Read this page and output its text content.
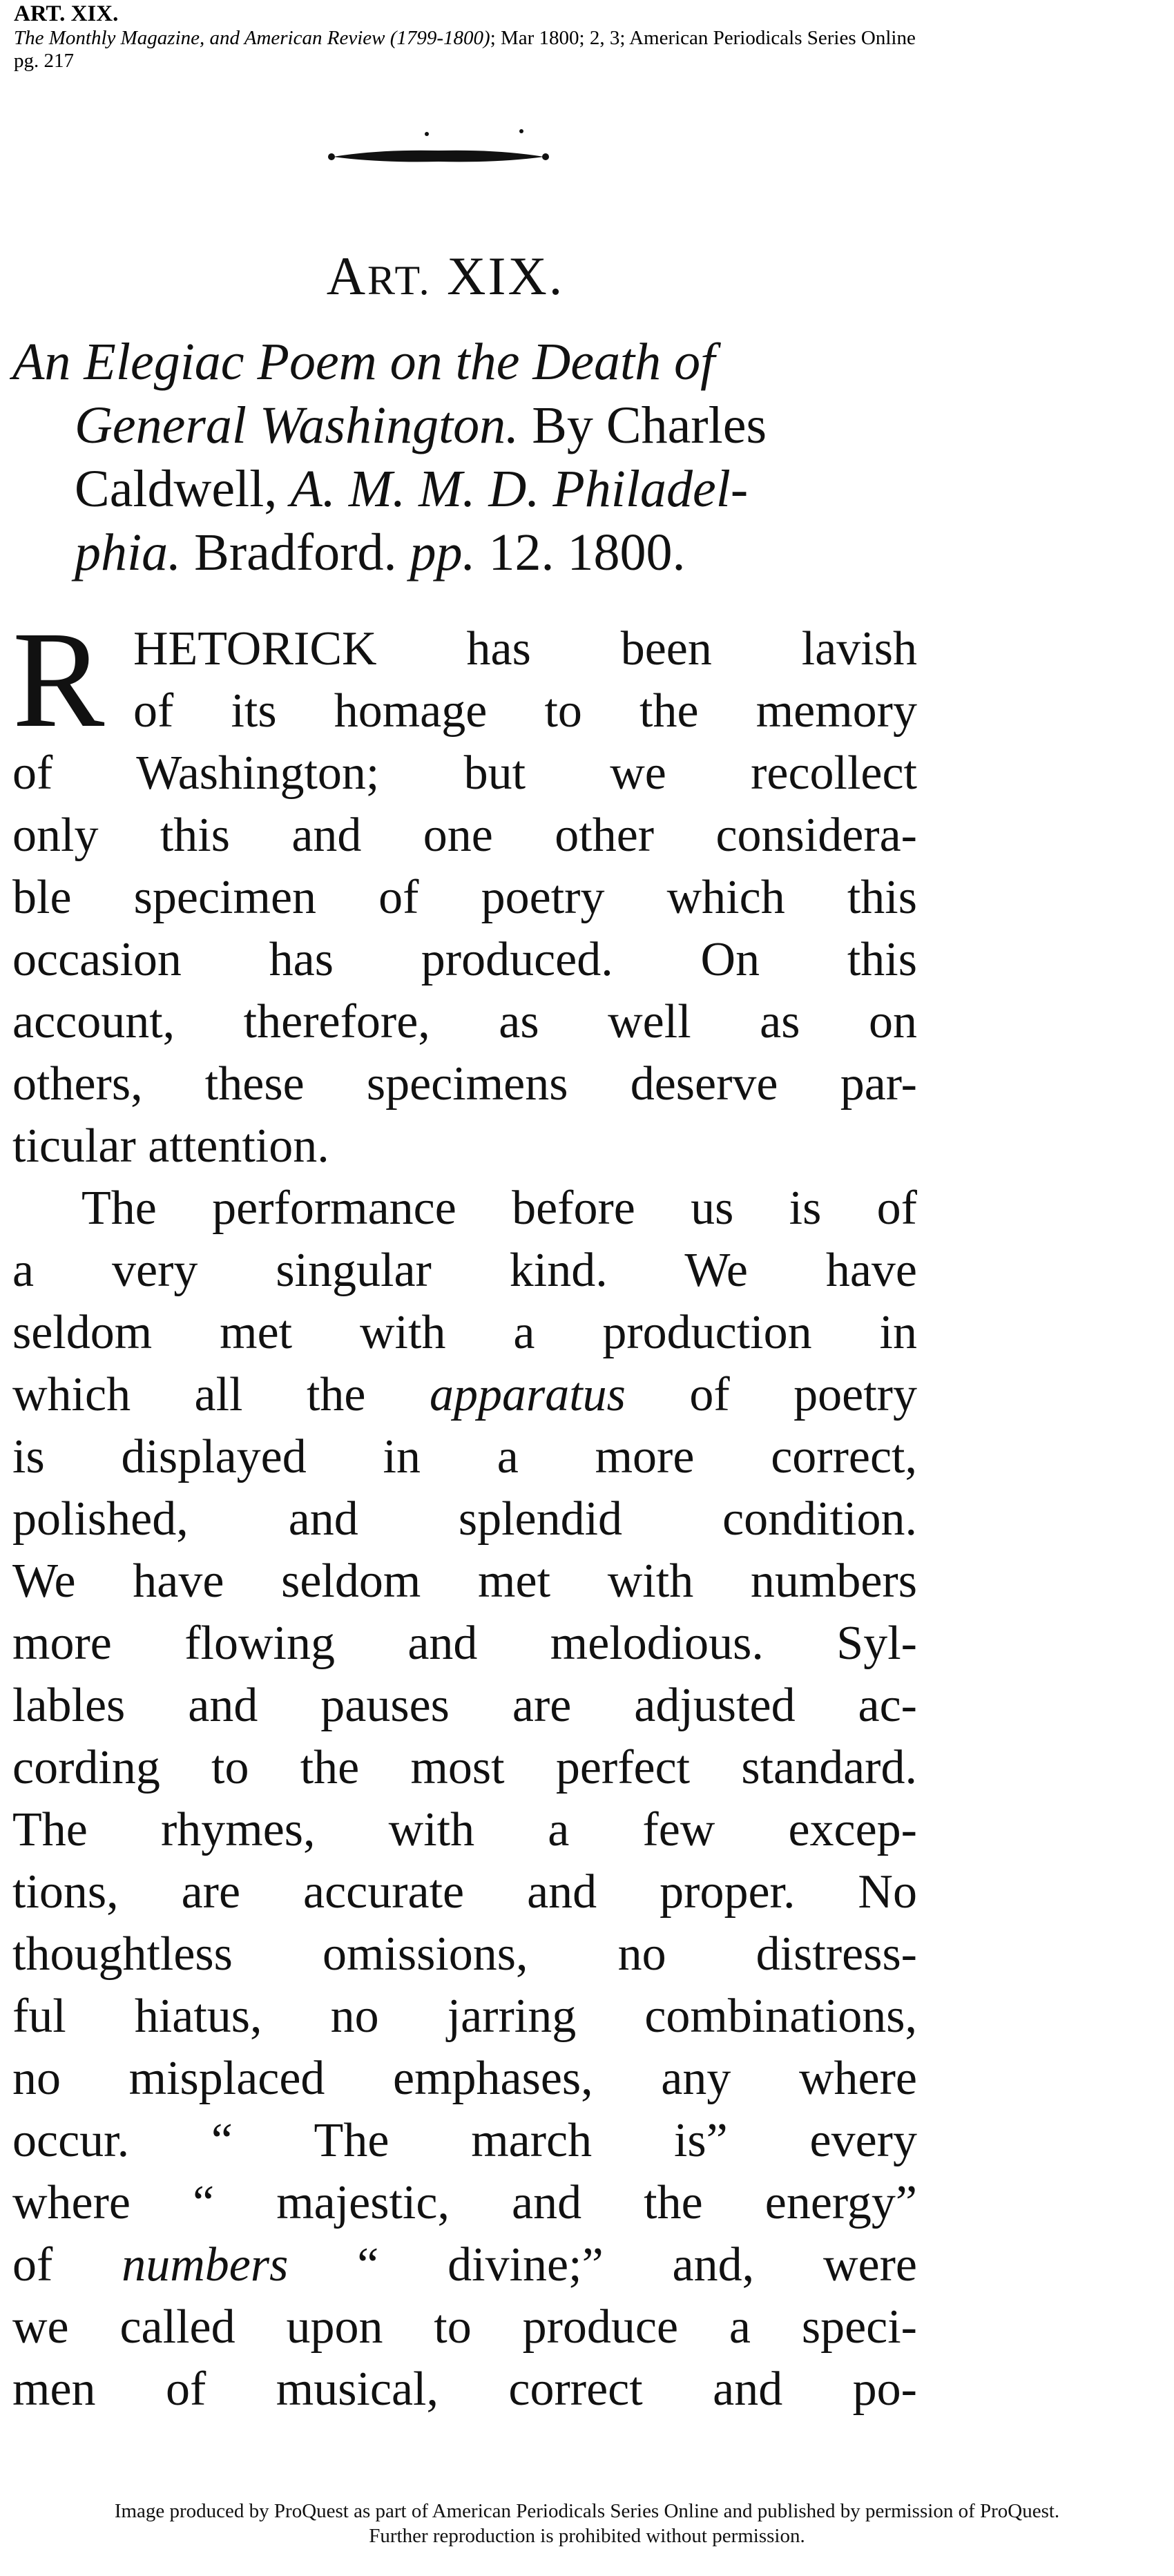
ART. XIX.
The Monthly Magazine, and American Review (1799-1800); Mar 1800; 2, 3; American Periodicals Series Online
pg. 217
ART. XIX.
An Elegiac Poem on the Death of
General Washington. By Charles
Caldwell, A. M. M. D. Philadel-
phia. Bradford. pp. 12. 1800.
R HETORICK has been lavish
of its homage to the memory
of Washington; but we recollect
only this and one other considera-
ble specimen of poetry which this
occasion has produced. On this
account, therefore, as well as on
others, these specimens deserve par-
ticular attention.
The performance before us is of
a very singular kind. We have
seldom met with a production in
which all the apparatus of poetry
is displayed in a more correct,
polished, and splendid condition.
We have seldom met with numbers
more flowing and melodious. Syl-
lables and pauses are adjusted ac-
cording to the most perfect standard.
The rhymes, with a few excep-
tions, are accurate and proper. No
thoughtless omissions, no distress-
ful hiatus, no jarring combinations,
no misplaced emphases, any where
occur. “ The march is” every
where “ majestic, and the energy”
of numbers “ divine;” and, were
we called upon to produce a speci-
men of musical, correct and po-
Image produced by ProQuest as part of American Periodicals Series Online and published by permission of ProQuest.
Further reproduction is prohibited without permission.
